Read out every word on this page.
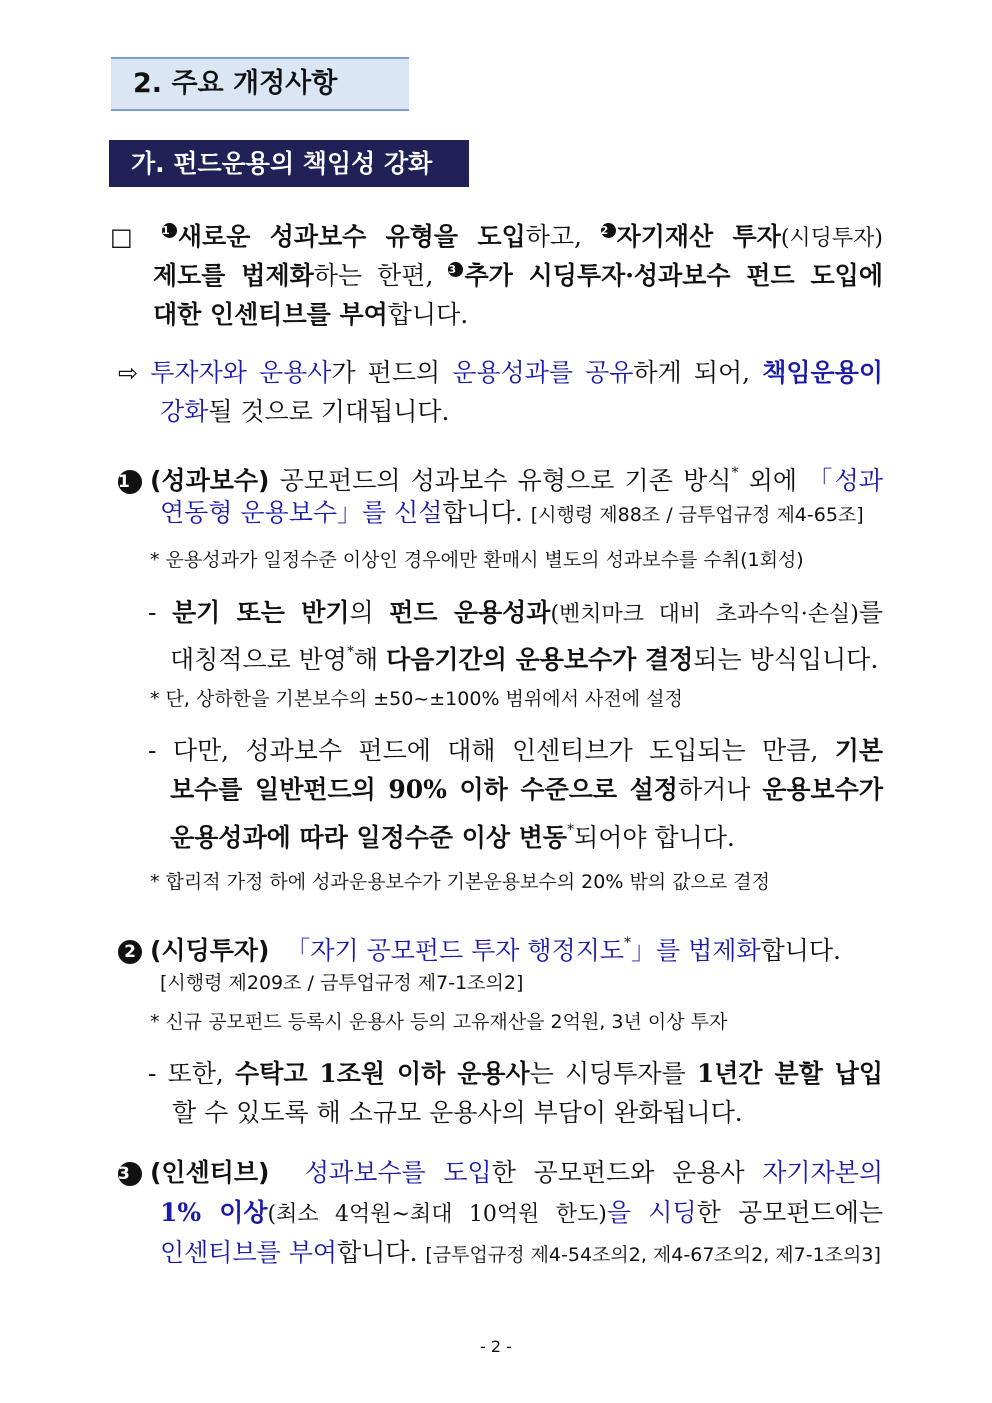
2. 주요 개정사항
가. 펀드운용의 책임성 강화
□ 1 새로운 성과보수 유형을 도입하고, 2 자기재산 투자(시딩투자)
제도를 법제화하는 한편, 3 추가 시딩투자·성과보수 펀드 도입에
대한 인센티브를 부여합니다.
⇨ 투자자와 운용사가 펀드의 운용성과를 공유하게 되어, 책임운용이
강화될 것으로 기대됩니다.
1 (성과보수) 공모펀드의 성과보수 유형으로 기존 방식* 외에 「성과
연동형 운용보수」를 신설합니다. [시행령 제88조 / 금투업규정 제4-65조]
* 운용성과가 일정수준 이상인 경우에만 환매시 별도의 성과보수를 수취(1회성)
- 분기 또는 반기의 펀드 운용성과(벤치마크 대비 초과수익·손실)를
대칭적으로 반영*해 다음기간의 운용보수가 결정되는 방식입니다.
* 단, 상하한을 기본보수의 ±50~±100% 범위에서 사전에 설정
- 다만, 성과보수 펀드에 대해 인센티브가 도입되는 만큼, 기본
보수를 일반펀드의 90% 이하 수준으로 설정하거나 운용보수가
운용성과에 따라 일정수준 이상 변동*되어야 합니다.
* 합리적 가정 하에 성과운용보수가 기본운용보수의 20% 밖의 값으로 결정
2 (시딩투자) 「자기 공모펀드 투자 행정지도*」를 법제화합니다.
[시행령 제209조 / 금투업규정 제7-1조의2]
* 신규 공모펀드 등록시 운용사 등의 고유재산을 2억원, 3년 이상 투자
- 또한, 수탁고 1조원 이하 운용사는 시딩투자를 1년간 분할 납입
할 수 있도록 해 소규모 운용사의 부담이 완화됩니다.
3 (인센티브) 성과보수를 도입한 공모펀드와 운용사 자기자본의
1% 이상(최소 4억원~최대 10억원 한도)을 시딩한 공모펀드에는
인센티브를 부여합니다. [금투업규정 제4-54조의2, 제4-67조의2, 제7-1조의3]
- 2 -
